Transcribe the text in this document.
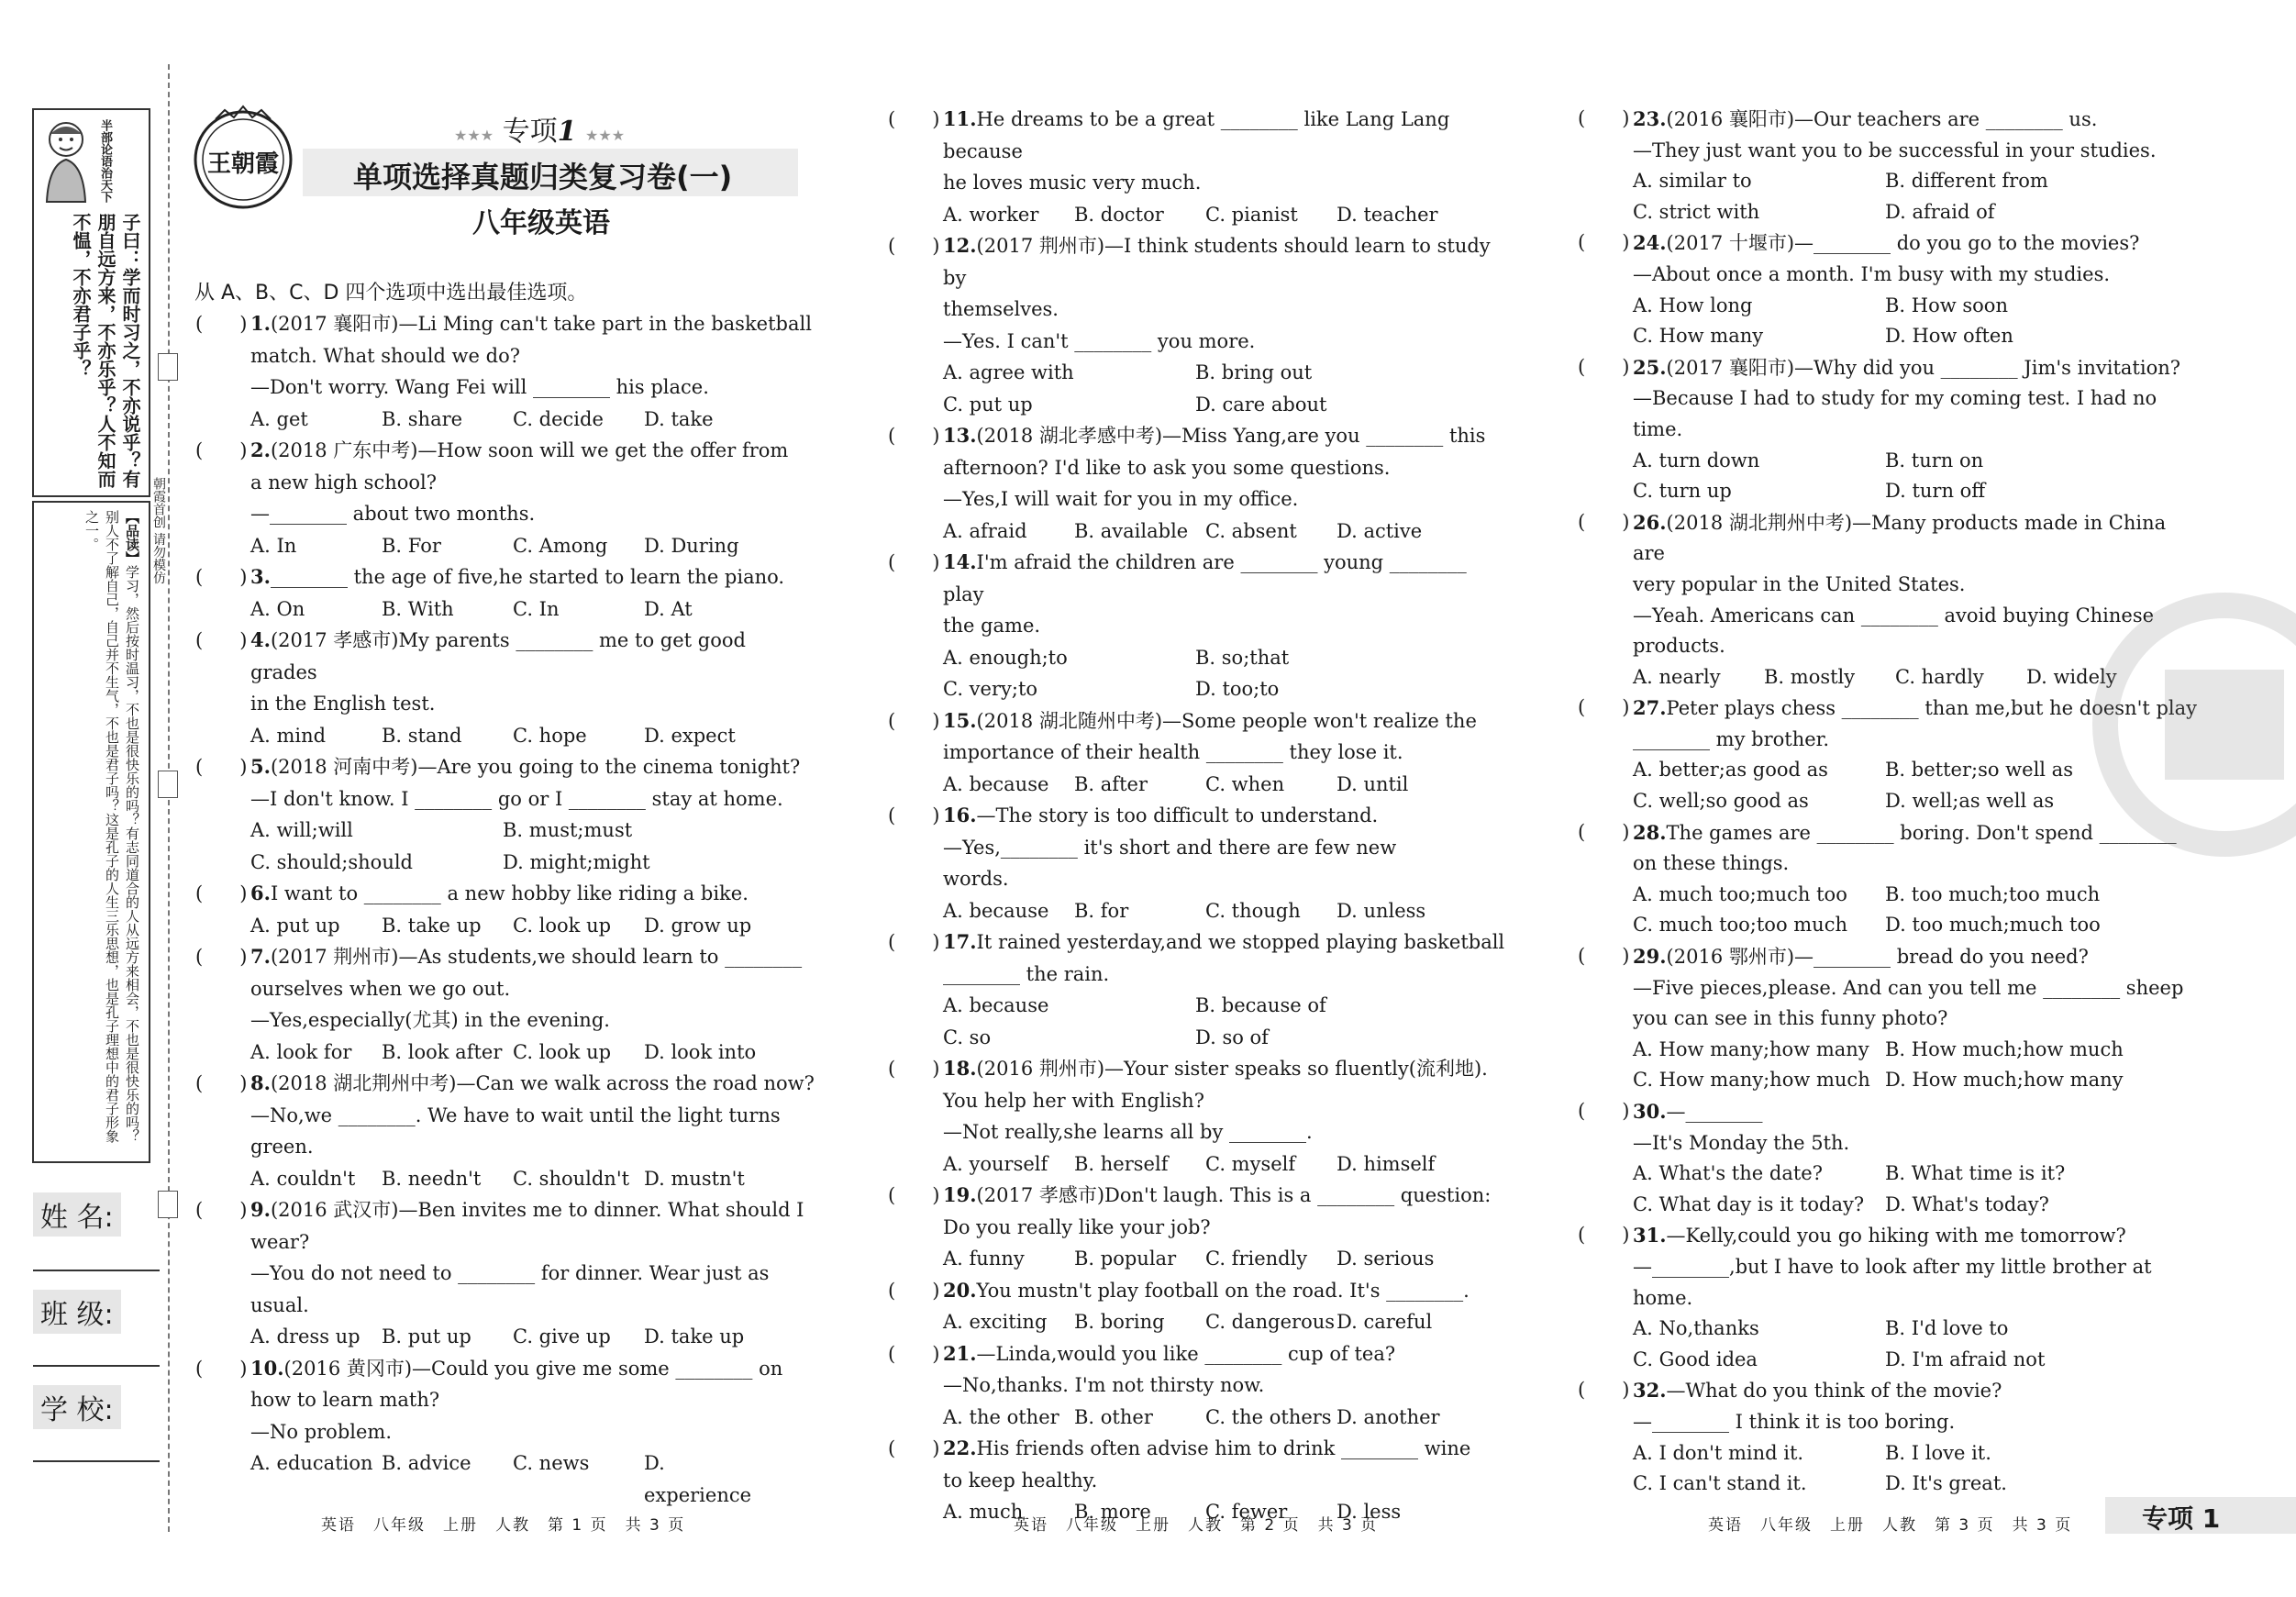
半部论语治天下
子曰：学而时习之，不亦说乎？有朋自远方来，不亦乐乎？人不知而不愠，不亦君子乎？
【品读】学习，然后按时温习，不也是很快乐的吗？有志同道合的人从远方来相会，不也是很快乐的吗？别人不了解自己，自己并不生气，不也是君子吗？这是孔子的人生三乐思想，也是孔子理想中的君子形象之一。	朝霞首创 请勿模仿
姓 名:
班 级:
学 校:
王朝霞
★★★ 专项1 ★★★
单项选择真题归类复习卷(一)
八年级英语
从 A、B、C、D 四个选项中选出最佳选项。
(      ) 1.(2017 襄阳市)—Li Ming can't take part in the basketball
match. What should we do?
—Don't worry. Wang Fei will ________ his place.
A. get	B. share	C. decide	D. take
(      ) 2.(2018 广东中考)—How soon will we get the offer from
a new high school?
—________ about two months.
A. In	B. For	C. Among	D. During
(      ) 3.________ the age of five,he started to learn the piano.
A. On	B. With	C. In	D. At
(      ) 4.(2017 孝感市)My parents ________ me to get good grades
in the English test.
A. mind	B. stand	C. hope	D. expect
(      ) 5.(2018 河南中考)—Are you going to the cinema tonight?
—I don't know. I ________ go or I ________ stay at home.
A. will;will	B. must;must
C. should;should	D. might;might
(      ) 6.I want to ________ a new hobby like riding a bike.
A. put up	B. take up	C. look up	D. grow up
(      ) 7.(2017 荆州市)—As students,we should learn to ________
ourselves when we go out.
—Yes,especially(尤其) in the evening.
A. look for	B. look after C. look up	D. look into
(      ) 8.(2018 湖北荆州中考)—Can we walk across the road now?
—No,we ________. We have to wait until the light turns
green.
A. couldn't	B. needn't	C. shouldn't D. mustn't
(      ) 9.(2016 武汉市)—Ben invites me to dinner. What should I
wear?
—You do not need to ________ for dinner. Wear just as
usual.
A. dress up	B. put up	C. give up	D. take up
(      ) 10.(2016 黄冈市)—Could you give me some ________ on
how to learn math?
—No problem.
A. education B. advice	C. news	D. experience
(      ) 11.He dreams to be a great ________ like Lang Lang because
he loves music very much.
A. worker	B. doctor	C. pianist	D. teacher
(      ) 12.(2017 荆州市)—I think students should learn to study by
themselves.
—Yes. I can't ________ you more.
A. agree with	B. bring out
C. put up	D. care about
(      ) 13.(2018 湖北孝感中考)—Miss Yang,are you ________ this
afternoon? I'd like to ask you some questions.
—Yes,I will wait for you in my office.
A. afraid	B. available C. absent	D. active
(      ) 14.I'm afraid the children are ________ young ________ play
the game.
A. enough;to	B. so;that
C. very;to	D. too;to
(      ) 15.(2018 湖北随州中考)—Some people won't realize the
importance of their health ________ they lose it.
A. because	B. after	C. when	D. until
(      ) 16.—The story is too difficult to understand.
—Yes,________ it's short and there are few new
words.
A. because	B. for	C. though	D. unless
(      ) 17.It rained yesterday,and we stopped playing basketball
________ the rain.
A. because	B. because of
C. so	D. so of
(      ) 18.(2016 荆州市)—Your sister speaks so fluently(流利地).
You help her with English?
—Not really,she learns all by ________.
A. yourself	B. herself	C. myself	D. himself
(      ) 19.(2017 孝感市)Don't laugh. This is a ________ question:
Do you really like your job?
A. funny	B. popular	C. friendly	D. serious
(      ) 20.You mustn't play football on the road. It's ________.
A. exciting	B. boring	C. dangerous D. careful
(      ) 21.—Linda,would you like ________ cup of tea?
—No,thanks. I'm not thirsty now.
A. the other B. other	C. the others D. another
(      ) 22.His friends often advise him to drink ________ wine
to keep healthy.
A. much	B. more	C. fewer	D. less
(      ) 23.(2016 襄阳市)—Our teachers are ________ us.
—They just want you to be successful in your studies.
A. similar to	B. different from
C. strict with	D. afraid of
(      ) 24.(2017 十堰市)—________ do you go to the movies?
—About once a month. I'm busy with my studies.
A. How long	B. How soon
C. How many	D. How often
(      ) 25.(2017 襄阳市)—Why did you ________ Jim's invitation?
—Because I had to study for my coming test. I had no
time.
A. turn down	B. turn on
C. turn up	D. turn off
(      ) 26.(2018 湖北荆州中考)—Many products made in China are
very popular in the United States.
—Yeah. Americans can ________ avoid buying Chinese
products.
A. nearly	B. mostly	C. hardly	D. widely
(      ) 27.Peter plays chess ________ than me,but he doesn't play
________ my brother.
A. better;as good as	B. better;so well as
C. well;so good as	D. well;as well as
(      ) 28.The games are ________ boring. Don't spend ________
on these things.
A. much too;much too	B. too much;too much
C. much too;too much	D. too much;much too
(      ) 29.(2016 鄂州市)—________ bread do you need?
—Five pieces,please. And can you tell me ________ sheep
you can see in this funny photo?
A. How many;how many B. How much;how much
C. How many;how much D. How much;how many
(      ) 30.—________
—It's Monday the 5th.
A. What's the date?	B. What time is it?
C. What day is it today?	D. What's today?
(      ) 31.—Kelly,could you go hiking with me tomorrow?
—________,but I have to look after my little brother at
home.
A. No,thanks	B. I'd love to
C. Good idea	D. I'm afraid not
(      ) 32.—What do you think of the movie?
—________ I think it is too boring.
A. I don't mind it.	B. I love it.
C. I can't stand it.	D. It's great.
英语　八年级　上册　人教　第 1 页　共 3 页	英语　八年级　上册　人教　第 2 页　共 3 页	英语　八年级　上册　人教　第 3 页　共 3 页	专项 1
